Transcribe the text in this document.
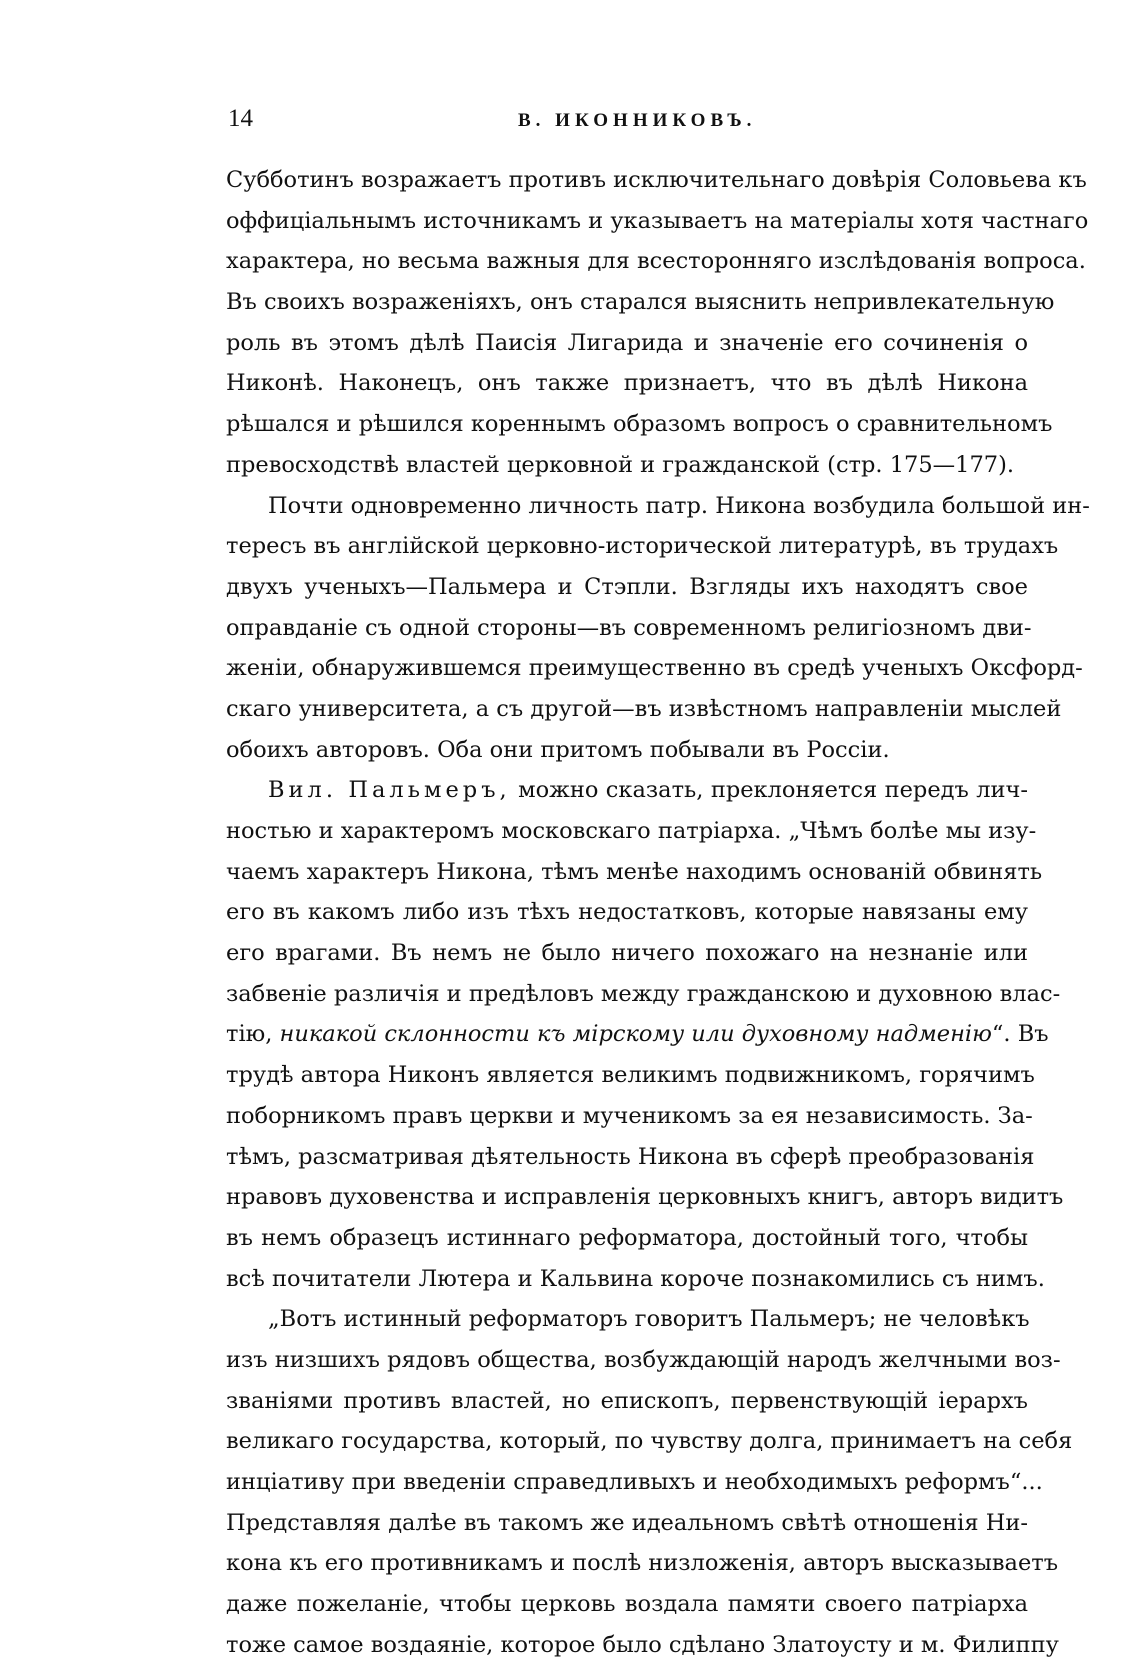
14	В. ИКОННИКОВЪ.
Субботинъ возражаетъ противъ исключительнаго довѣрія Соловьева къ
оффиціальнымъ источникамъ и указываетъ на матеріалы хотя частнаго
характера, но весьма важныя для всесторонняго изслѣдованія вопроса.
Въ своихъ возраженіяхъ, онъ старался выяснить непривлекательную
роль въ этомъ дѣлѣ Паисія Лигарида и значеніе его сочиненія о
Никонѣ. Наконецъ, онъ также признаетъ, что въ дѣлѣ Никона
рѣшался и рѣшился кореннымъ образомъ вопросъ о сравнительномъ
превосходствѣ властей церковной и гражданской (стр. 175—177).
Почти одновременно личность патр. Никона возбудила большой ин-
тересъ въ англійской церковно-исторической литературѣ, въ трудахъ
двухъ ученыхъ—Пальмера и Стэпли. Взгляды ихъ находятъ свое
оправданіе съ одной стороны—въ современномъ религіозномъ дви-
женіи, обнаружившемся преимущественно въ средѣ ученыхъ Оксфорд-
скаго университета, а съ другой—въ извѣстномъ направленіи мыслей
обоихъ авторовъ. Оба они притомъ побывали въ Россіи.
Вил. Пальмеръ, можно сказать, преклоняется передъ лич-
ностью и характеромъ московскаго патріарха. „Чѣмъ болѣе мы изу-
чаемъ характеръ Никона, тѣмъ менѣе находимъ основаній обвинять
его въ какомъ либо изъ тѣхъ недостатковъ, которые навязаны ему
его врагами. Въ немъ не было ничего похожаго на незнаніе или
забвеніе различія и предѣловъ между гражданскою и духовною влас-
тію, никакой склонности къ мірскому или духовному надменію“. Въ
трудѣ автора Никонъ является великимъ подвижникомъ, горячимъ
поборникомъ правъ церкви и мученикомъ за ея независимость. За-
тѣмъ, разсматривая дѣятельность Никона въ сферѣ преобразованія
нравовъ духовенства и исправленія церковныхъ книгъ, авторъ видитъ
въ немъ образецъ истиннаго реформатора, достойный того, чтобы
всѣ почитатели Лютера и Кальвина короче познакомились съ нимъ.
„Вотъ истинный реформаторъ говоритъ Пальмеръ; не человѣкъ
изъ низшихъ рядовъ общества, возбуждающій народъ желчными воз-
званіями противъ властей, но епископъ, первенствующій іерархъ
великаго государства, который, по чувству долга, принимаетъ на себя
инціативу при введеніи справедливыхъ и необходимыхъ реформъ“...
Представляя далѣе въ такомъ же идеальномъ свѣтѣ отношенія Ни-
кона къ его противникамъ и послѣ низложенія, авторъ высказываетъ
даже пожеланіе, чтобы церковь воздала памяти своего патріарха
тоже самое воздаяніе, которое было сдѣлано Златоусту и м. Филиппу
